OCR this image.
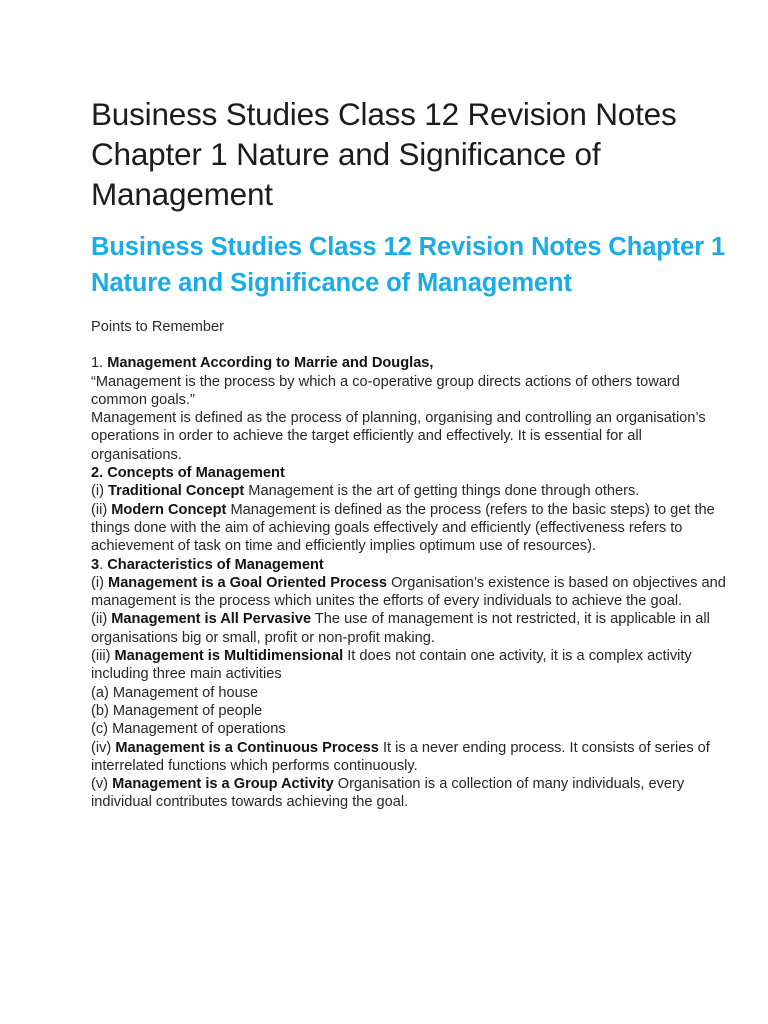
Business Studies Class 12 Revision Notes Chapter 1 Nature and Significance of Management
Business Studies Class 12 Revision Notes Chapter 1 Nature and Significance of Management

Points to Remember

1. Management According to Marrie and Douglas,

“Management is the process by which a co-operative group directs actions of others toward common goals.”

Management is defined as the process of planning, organising and controlling an organisation’s operations in order to achieve the target efficiently and effectively. It is essential for all organisations.

2. Concepts of Management

(i) Traditional Concept Management is the art of getting things done through others.

(ii) Modern Concept Management is defined as the process (refers to the basic steps) to get the things done with the aim of achieving goals effectively and efficiently (effectiveness refers to achievement of task on time and efficiently implies optimum use of resources).

3. Characteristics of Management

(i) Management is a Goal Oriented Process Organisation’s existence is based on objectives and management is the process which unites the efforts of every individuals to achieve the goal.

(ii) Management is All Pervasive The use of management is not restricted, it is applicable in all organisations big or small, profit or non-profit making.

(iii) Management is Multidimensional It does not contain one activity, it is a complex activity including three main activities

(a) Management of house

(b) Management of people

(c) Management of operations

(iv) Management is a Continuous Process It is a never ending process. It consists of series of interrelated functions which performs continuously.

(v) Management is a Group Activity Organisation is a collection of many individuals, every individual contributes towards achieving the goal.
